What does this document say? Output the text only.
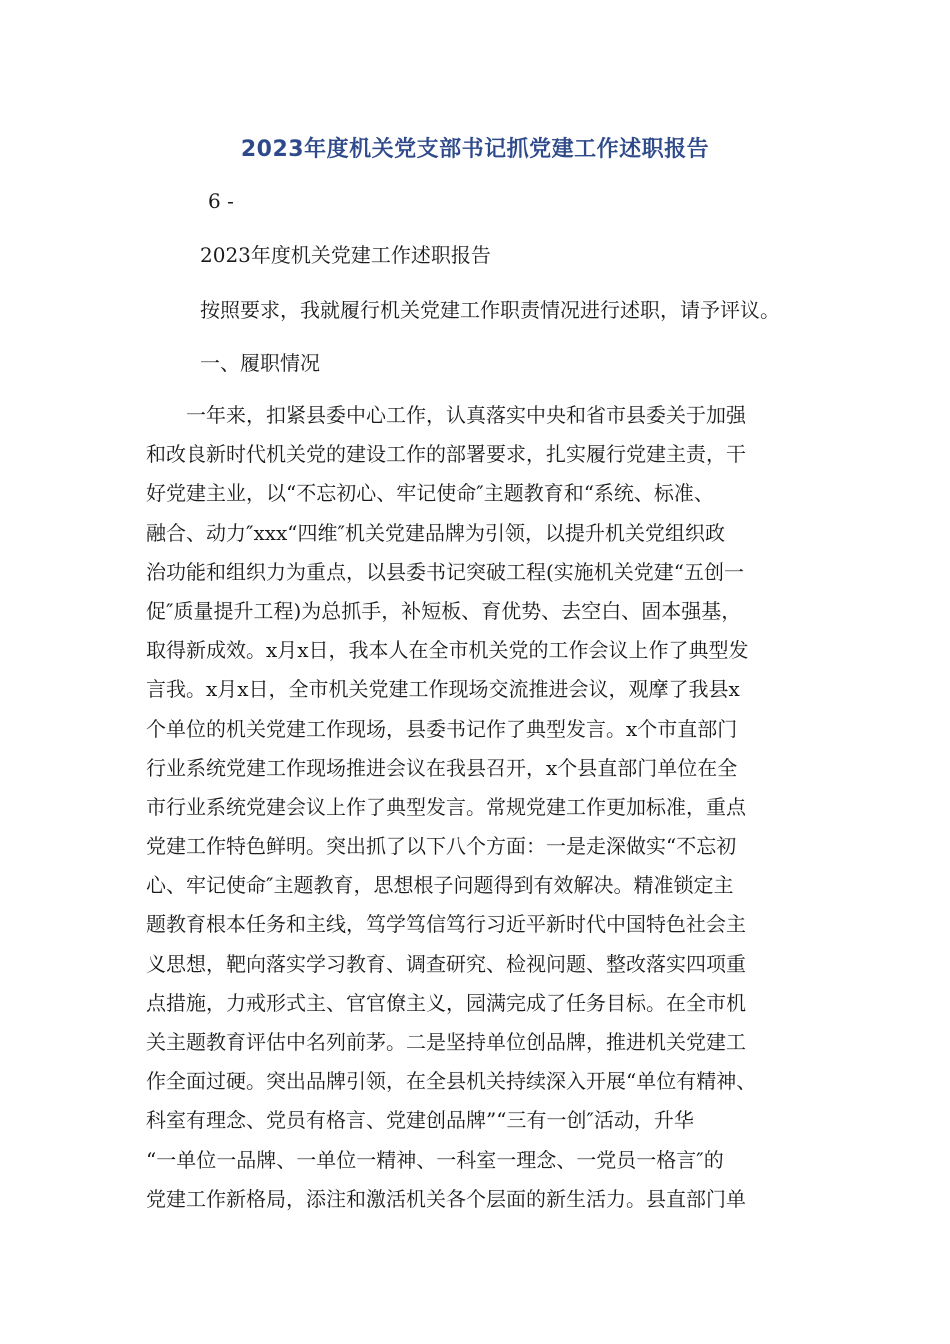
2023年度机关党支部书记抓党建工作述职报告
6 -
2023年度机关党建工作述职报告
按照要求，我就履行机关党建工作职责情况进行述职，请予评议。
一、履职情况
　　一年来，扣紧县委中心工作，认真落实中央和省市县委关于加强
和改良新时代机关党的建设工作的部署要求，扎实履行党建主责，干
好党建主业，以“不忘初心、牢记使命″主题教育和“系统、标准、
融合、动力″xxx“四维″机关党建品牌为引领，以提升机关党组织政
治功能和组织力为重点，以县委书记突破工程(实施机关党建“五创一
促″质量提升工程)为总抓手，补短板、育优势、去空白、固本强基，
取得新成效。x月x日，我本人在全市机关党的工作会议上作了典型发
言我。x月x日，全市机关党建工作现场交流推进会议，观摩了我县x
个单位的机关党建工作现场，县委书记作了典型发言。x个市直部门
行业系统党建工作现场推进会议在我县召开，x个县直部门单位在全
市行业系统党建会议上作了典型发言。常规党建工作更加标准，重点
党建工作特色鲜明。突出抓了以下八个方面：一是走深做实“不忘初
心、牢记使命″主题教育，思想根子问题得到有效解决。精准锁定主
题教育根本任务和主线，笃学笃信笃行习近平新时代中国特色社会主
义思想，靶向落实学习教育、调查研究、检视问题、整改落实四项重
点措施，力戒形式主、官官僚主义，园满完成了任务目标。在全市机
关主题教育评估中名列前茅。二是坚持单位创品牌，推进机关党建工
作全面过硬。突出品牌引领，在全县机关持续深入开展“单位有精神、
科室有理念、党员有格言、党建创品牌”“三有一创″活动，升华
“一单位一品牌、一单位一精神、一科室一理念、一党员一格言″的
党建工作新格局，添注和激活机关各个层面的新生活力。县直部门单
